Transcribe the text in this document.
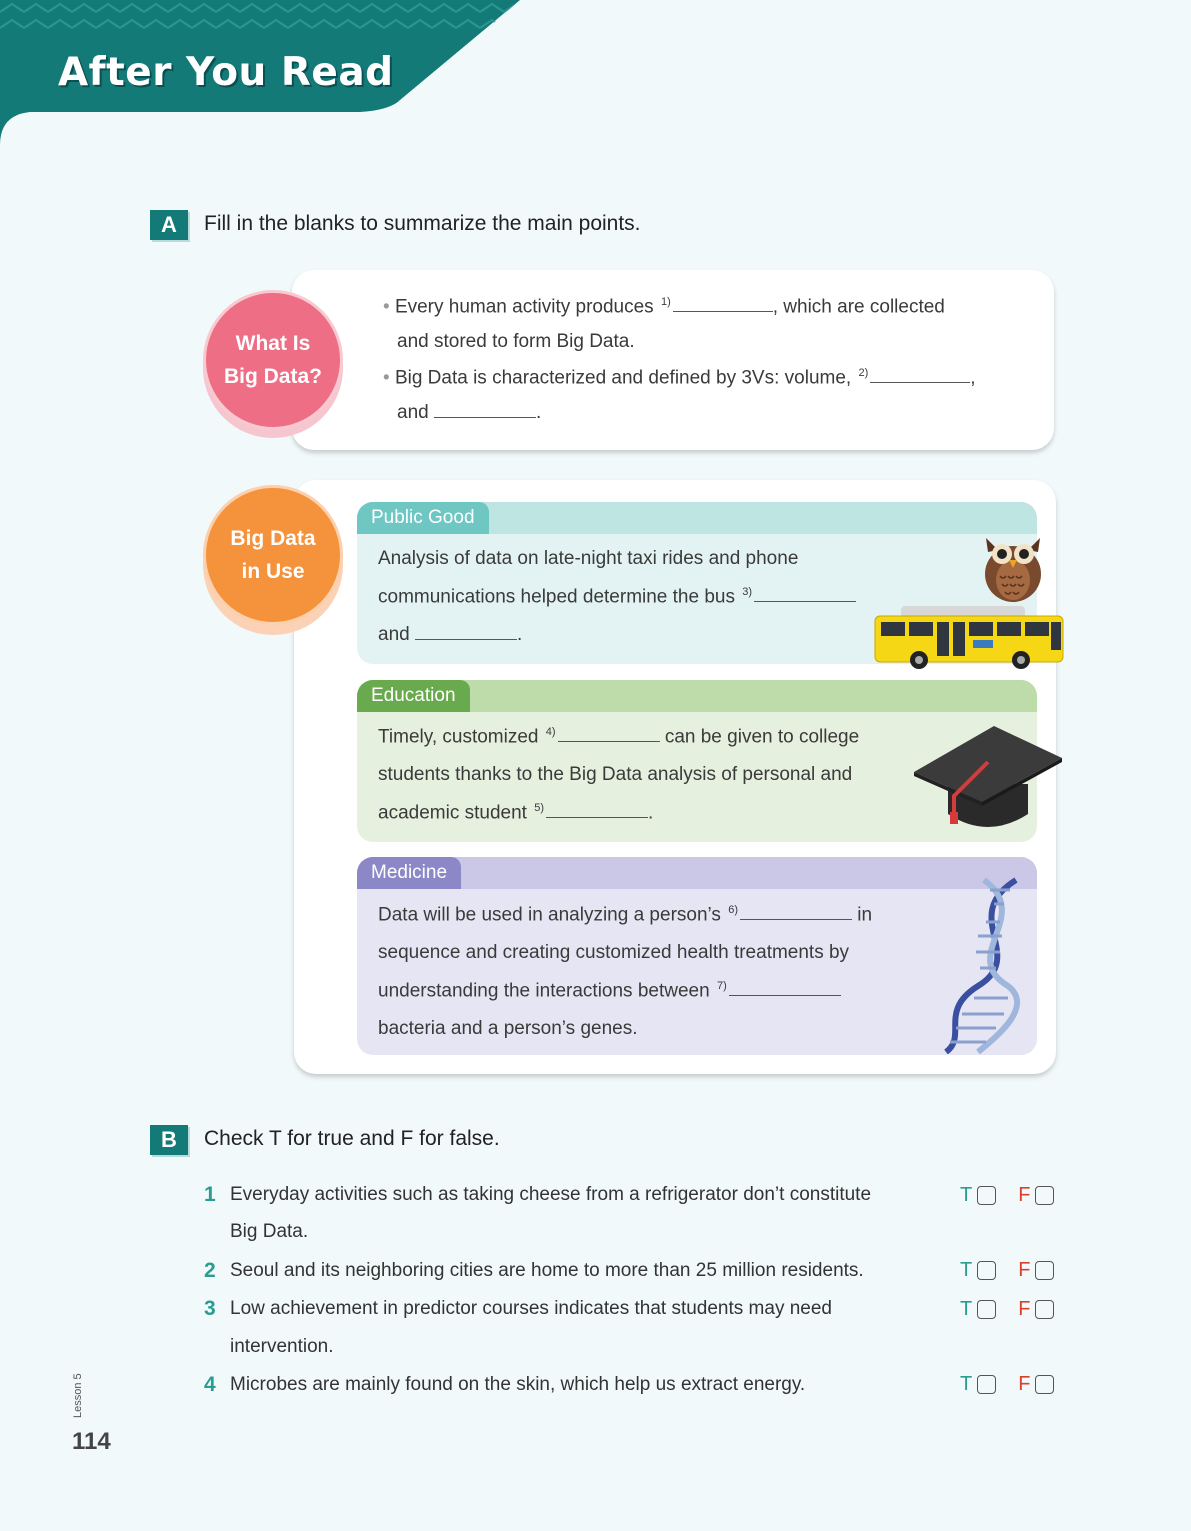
After You Read
A	Fill in the blanks to summarize the main points.
What Is
Big Data?
• Every human activity produces $^{1)}$	, which are collected
and stored to form Big Data.
• Big Data is characterized and defined by 3Vs: volume, $^{2)}$	,
and	.
Big Data
in Use
Public Good
Analysis of data on late-night taxi rides and phone
communications helped determine the bus $^{3)}$
and	.
Education
Timely, customized $^{4)}$	can be given to college
students thanks to the Big Data analysis of personal and
academic student $^{5)}$	.
Medicine
Data will be used in analyzing a person’s $^{6)}$	in
sequence and creating customized health treatments by
understanding the interactions between $^{7)}$
bacteria and a person’s genes.
B	Check T for true and F for false.
1 Everyday activities such as taking cheese from a refrigerator don’t constitute
Big Data.
T F
2 Seoul and its neighboring cities are home to more than 25 million residents.	T F
3 Low achievement in predictor courses indicates that students may need
intervention.
T F
4 Microbes are mainly found on the skin, which help us extract energy.	T F
Lesson 5
114
